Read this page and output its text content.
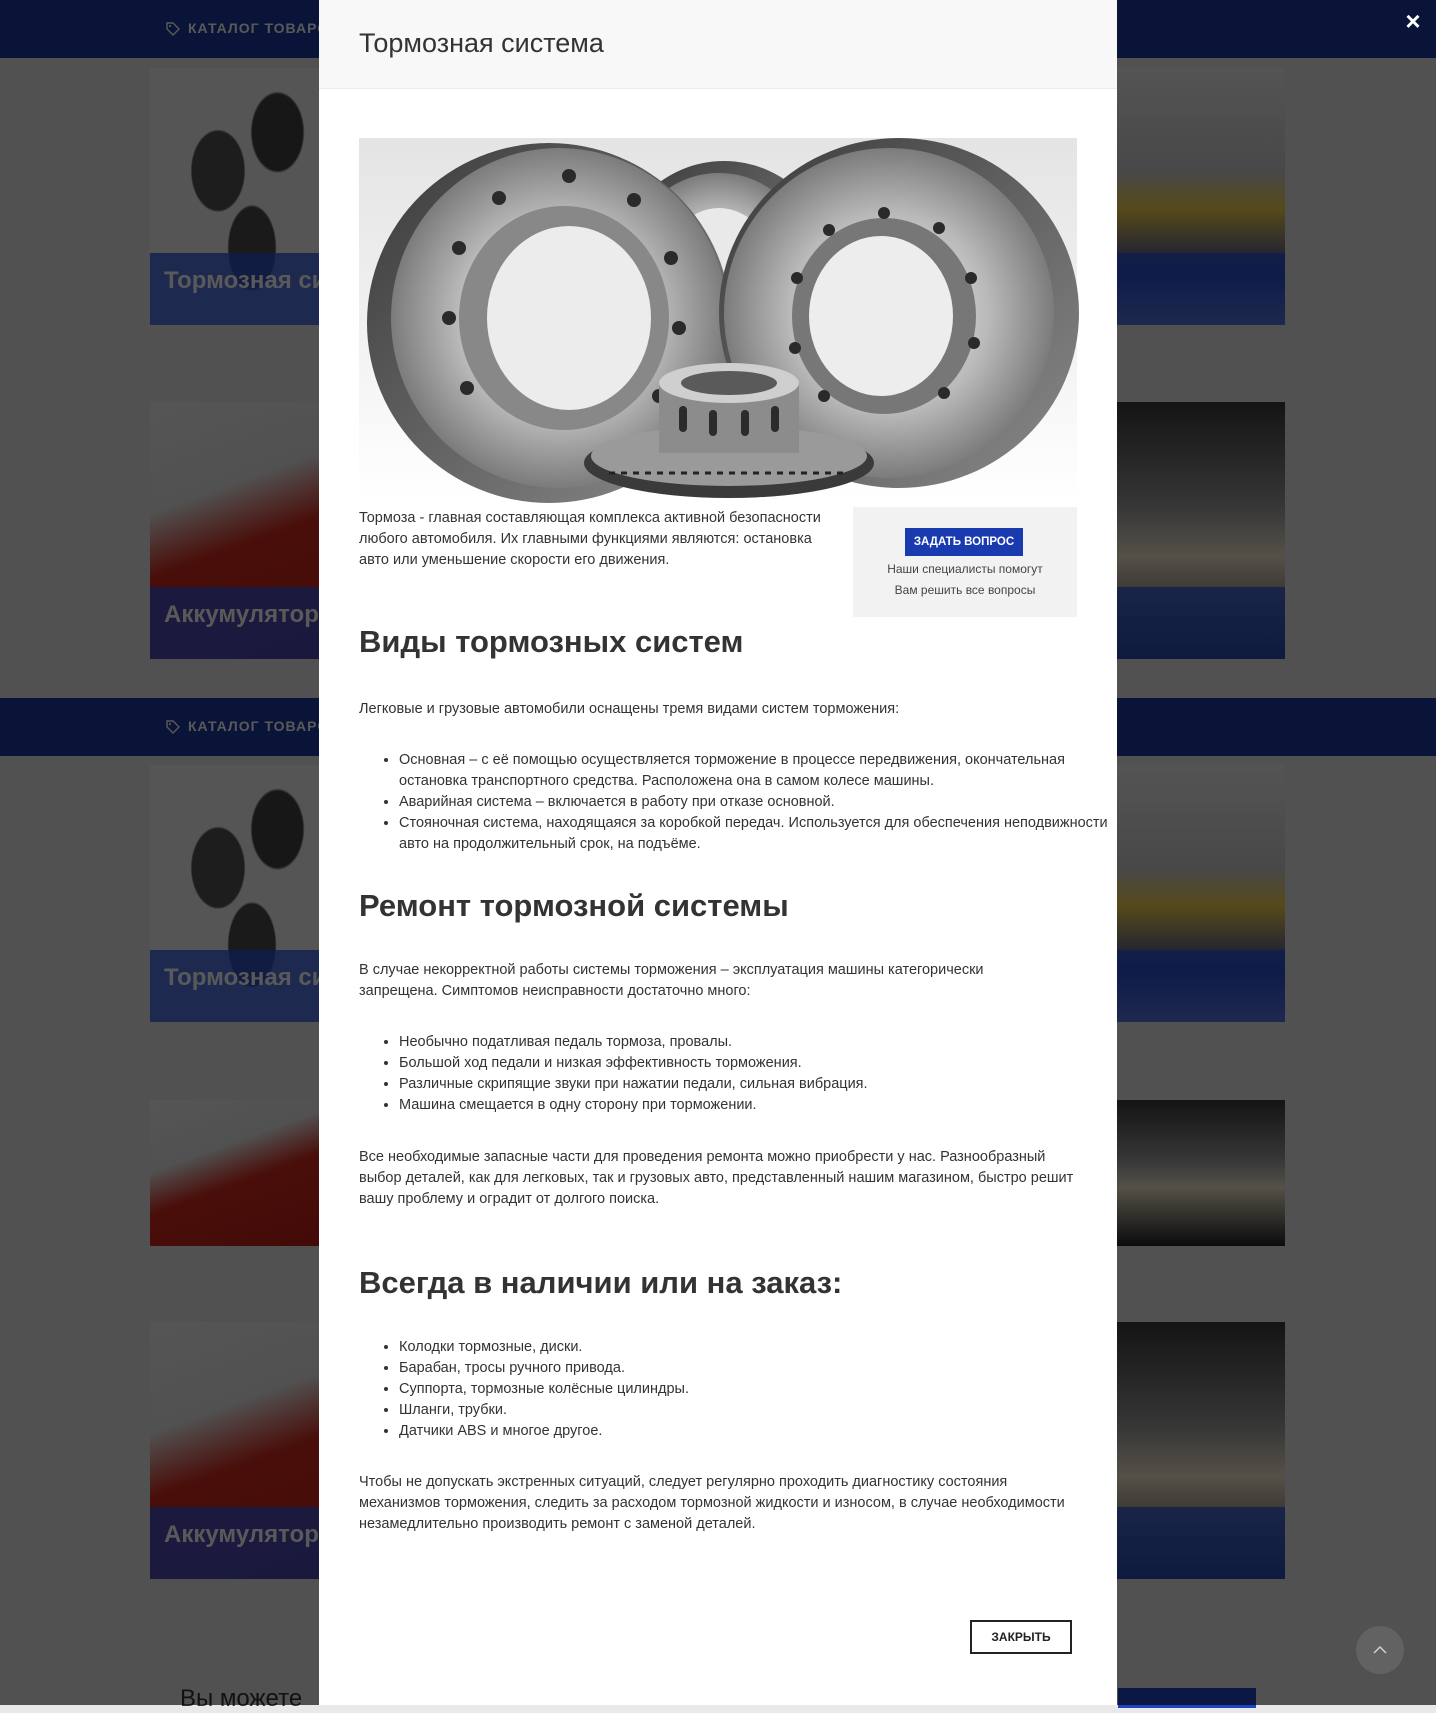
×
Тормозная система

Тормоза - главная составляющая комплекса активной безопасности любого автомобиля. Их главными функциями являются: остановка авто или уменьшение скорости его движения.

ЗАДАТЬ ВОПРОС
Наши специалисты помогут
Вам решить все вопросы
Виды тормозных систем

Легковые и грузовые автомобили оснащены тремя видами систем торможения:

• Основная – с её помощью осуществляется торможение в процессе передвижения, окончательная остановка транспортного средства. Расположена она в самом колесе машины.
• Аварийная система – включается в работу при отказе основной.
• Стояночная система, находящаяся за коробкой передач. Используется для обеспечения неподвижности авто на продолжительный срок, на подъёме.
Ремонт тормозной системы

В случае некорректной работы системы торможения – эксплуатация машины категорически запрещена. Симптомов неисправности достаточно много:

• Необычно податливая педаль тормоза, провалы.
• Большой ход педали и низкая эффективность торможения.
• Различные скрипящие звуки при нажатии педали, сильная вибрация.
• Машина смещается в одну сторону при торможении.

Все необходимые запасные части для проведения ремонта можно приобрести у нас. Разнообразный выбор деталей, как для легковых, так и грузовых авто, представленный нашим магазином, быстро решит вашу проблему и оградит от долгого поиска.

Всегда в наличии или на заказ:
• Колодки тормозные, диски.
• Барабан, тросы ручного привода.
• Суппорта, тормозные колёсные цилиндры.
• Шланги, трубки.
• Датчики ABS и многое другое.

Чтобы не допускать экстренных ситуаций, следует регулярно проходить диагностику состояния механизмов торможения, следить за расходом тормозной жидкости и износом, в случае необходимости незамедлительно производить ремонт с заменой деталей.

ЗАКРЫТЬ
